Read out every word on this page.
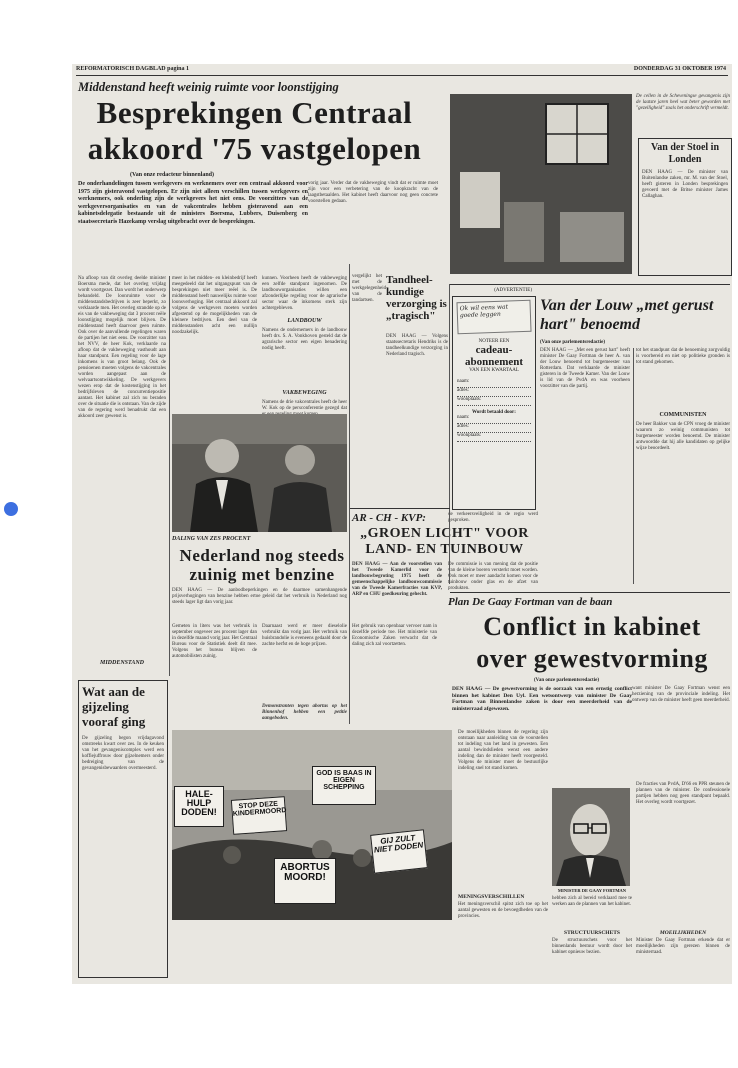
REFORMATORISCH DAGBLAD pagina 1	DONDERDAG 31 OKTOBER 1974
Middenstand heeft weinig ruimte voor loonstijging
Besprekingen Centraal
akkoord '75 vastgelopen
(Van onze redacteur binnenland)
De onderhandelingen tussen werkgevers en werknemers over een centraal akkoord voor 1975 zijn gisteravond vastgelopen. Er zijn niet alleen verschillen tussen werkgevers en werknemers, ook onderling zijn de werkgevers het niet eens. De voorzitters van de werkgeversorganisaties en van de vakcentrales hebben gisteravond aan een kabinetsdelegatie bestaande uit de ministers Boersma, Lubbers, Duisenberg en staatssecretaris Hazekamp verslag uitgebracht over de besprekingen.
Na afloop van dit overleg deelde minister Boersma mede, dat het overleg vrijdag wordt voortgezet. Dan wordt het onderwerp behandeld. De loonruimte voor de middenstandsbedrijven is zeer beperkt, zo verklaarde men. Het overleg strandde op de eis van de vakbeweging dat 3 procent reële loonstijging mogelijk moet blijven. De middenstand heeft daarvoor geen ruimte. Ook over de aanvullende regelingen waren de partijen het niet eens. De voorzitter van het NVV, de heer Kok, verklaarde na afloop dat de vakbeweging vasthoudt aan haar standpunt. Een regeling voor de lage inkomens is van groot belang. Ook de pensioenen moeten volgens de vakcentrales worden aangepast aan de welvaartsontwikkeling. De werkgevers wezen erop dat de kostenstijging in het bedrijfsleven de concurrentiepositie aantast. Het kabinet zal zich nu beraden over de situatie die is ontstaan. Van de zijde van de regering werd benadrukt dat een akkoord zeer gewenst is.
MIDDENSTAND
meer in het midden- en kleinbedrijf heeft meegedeeld dat het uitgangspunt van de besprekingen niet meer reëel is. De middenstand heeft nauwelijks ruimte voor loonsverhoging. Het centraal akkoord zal volgens de werkgevers moeten worden afgestemd op de mogelijkheden van de kleinere bedrijven. Een deel van de middenstanders acht een nullijn noodzakelijk.
kunnen. Voorheen heeft de vakbeweging een zelfde standpunt ingenomen. De landbouworganisaties willen een afzonderlijke regeling voor de agrarische sector waar de inkomens sterk zijn achtergebleven.
LANDBOUW
Namens de ondernemers in de landbouw heeft drs. S. A. Vonkhoven gesteld dat de agrarische sector een eigen benadering nodig heeft.
VAKBEWEGING
Namens de drie vakcentrales heeft de heer W. Kok op de persconferentie gezegd dat
vorig jaar. Verder dat de vakbeweging vindt dat er ruimte moet zijn voor een verbetering van de koopkracht van de laagstbetaalden. Het kabinet heeft daarvoor nog geen concrete voorstellen gedaan.
DALING VAN ZES PROCENT
Nederland nog steeds zuinig met benzine
DEN HAAG — De aanbodbeperkingen en de daarmee samenhangende prijsverhogingen van benzine hebben ertoe geleid dat het verbruik in Nederland nog steeds lager ligt dan vorig jaar.
Gemeten in liters was het verbruik in september ongeveer zes procent lager dan in dezelfde maand vorig jaar. Het Centraal Bureau voor de Statistiek deelt dit mee. Volgens het bureau blijven de automobilisten zuinig.
Daarnaast werd er meer dieselolie verbruikt dan vorig jaar. Het verbruik van huisbrandolie is eveneens gedaald door de zachte herfst en de hoge prijzen.
HALE-HULP DODEN!
STOP DEZE KINDERMOORD
GOD IS BAAS IN EIGEN SCHEPPING
ABORTUS MOORD!
GIJ ZULT NIET DODEN
Demonstranten tegen abortus op het Binnenhof hebben een petitie aangeboden.
Het gebruik van openbaar vervoer nam in dezelfde periode toe. Het ministerie van Economische Zaken verwacht dat de daling zich zal voortzetten.
Wat aan de gijzeling vooraf ging
De gijzeling begon vrijdagavond omstreeks kwart over zes. In de keuken van het gevangeniscomplex werd een koffiejuffrouw door gijzelnemers onder bedreiging van de gevangenisbewaarders overmeesterd.
De cellen in de Scheveningse gevangenis zijn de laatste jaren heel wat beter geworden met "gezelligheid" zoals het onderschrift vermeldt.
Van der Stoel in Londen
DEN HAAG — De minister van Buitenlandse zaken, mr. M. van der Stoel, heeft gisteren in Londen besprekingen gevoerd met de Britse minister James Callaghan.
Tandheel-kundige verzorging is „tragisch"
DEN HAAG — Volgens staatssecretaris Hendriks is de tandheelkundige verzorging in Nederland tragisch.
vergelijkt het met de werkgelegenheid van de tandartsen.
(ADVERTENTIE)
Ok wil eens wat
goede leggen
NOTEER EEN
cadeau-
abonnement
VAN EEN KWARTAAL
naam:
adres:
woonplaats:
Wordt betaald door:
naam:
adres:
woonplaats:
Van der Louw „met gerust hart" benoemd
(Van onze parlementsredactie)
DEN HAAG — „Met een gerust hart" heeft minister De Gaay Fortman de heer A. van der Louw benoemd tot burgemeester van Rotterdam. Dat verklaarde de minister gisteren in de Tweede Kamer. Van der Louw is lid van de PvdA en was voorheen voorzitter van die partij.
tot het standpunt dat de benoeming zorgvuldig is voorbereid en niet op politieke gronden is tot stand gekomen.
COMMUNISTEN
De heer Bakker van de CPN vroeg de minister waarom zo weinig communisten tot burgemeester worden benoemd. De minister antwoordde dat hij alle kandidaten op gelijke wijze beoordeelt.
AR - CH - KVP:
„GROEN LICHT" VOOR LAND- EN TUINBOUW
DEN HAAG — Aan de voorstellen van het Tweede Kamerlid voor de landbouwbegroting 1975 heeft de gemeenschappelijke landbouwcommissie van de Tweede Kamerfracties van KVP, ARP en CHU goedkeuring gehecht.
De commissie is van mening dat de positie van de kleine boeren versterkt moet worden. Ook moet er meer aandacht komen voor de tuinbouw onder glas en de afzet van produkten.
de verkeersveiligheid in de regio werd gesproken.
Plan De Gaay Fortman van de baan
Conflict in kabinet
over gewestvorming
(Van onze parlementsredactie)
DEN HAAG — De gewestvorming is de oorzaak van een ernstig conflict binnen het kabinet Den Uyl. Een wetsontwerp van minister De Gaay Fortman van Binnenlandse zaken is door een meerderheid van de ministerraad afgewezen.
De moeilijkheden binnen de regering zijn ontstaan naar aanleiding van de voorstellen tot indeling van het land in gewesten. Een aantal bewindslieden wenst een andere indeling dan de minister heeft voorgesteld. Volgens de minister moet de bestuurlijke indeling snel tot stand komen.
MENINGSVERSCHILLEN
Het meningsverschil spitst zich toe op het aantal gewesten en de bevoegdheden van de provincies.
want minister De Gaay Fortman wenst een herziening van de provinciale indeling. Het ontwerp van de minister heeft geen meerderheid.
MINISTER DE GAAY FORTMAN
hebben zich al bereid verklaard mee te werken aan de plannen van het kabinet.
STRUCTUURSCHETS
De structuurschets voor het binnenlands bestuur wordt door het kabinet opnieuw bezien.
De fracties van PvdA, D'66 en PPR steunen de plannen van de minister. De confessionele partijen hebben nog geen standpunt bepaald. Het overleg wordt voortgezet.
MOEILIJKHEDEN
Minister De Gaay Fortman erkende dat er moeilijkheden zijn gerezen binnen de ministerraad.
